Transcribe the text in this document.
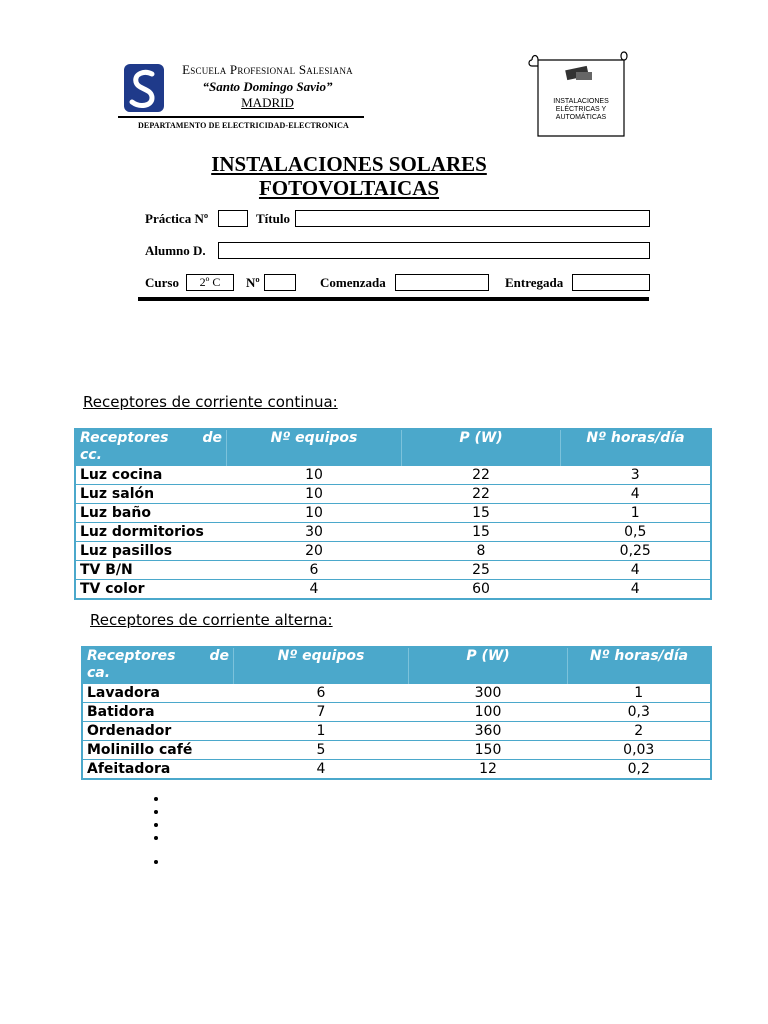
Domingo Savio	Escuela Profesional Salesiana
“Santo Domingo Savio”
MADRID
DEPARTAMENTO DE ELECTRICIDAD-ELECTRONICA
INSTALACIONES
ELÉCTRICAS Y
AUTOMÁTICAS
INSTALACIONES SOLARES
FOTOVOLTAICAS
Práctica Nº	Título
Alumno D.
Curso	2º C	Nº	Comenzada	Entregada
Receptores de corriente continua:
Receptores de
cc.	Nº equipos	P (W)	Nº horas/día
Luz cocina	10	22	3
Luz salón	10	22	4
Luz baño	10	15	1
Luz dormitorios	30	15	0,5
Luz pasillos	20	8	0,25
TV B/N	6	25	4
TV color	4	60	4
Receptores de corriente alterna:
Receptores de
ca.	Nº equipos	P (W)	Nº horas/día
Lavadora	6	300	1
Batidora	7	100	0,3
Ordenador	1	360	2
Molinillo café	5	150	0,03
Afeitadora	4	12	0,2
